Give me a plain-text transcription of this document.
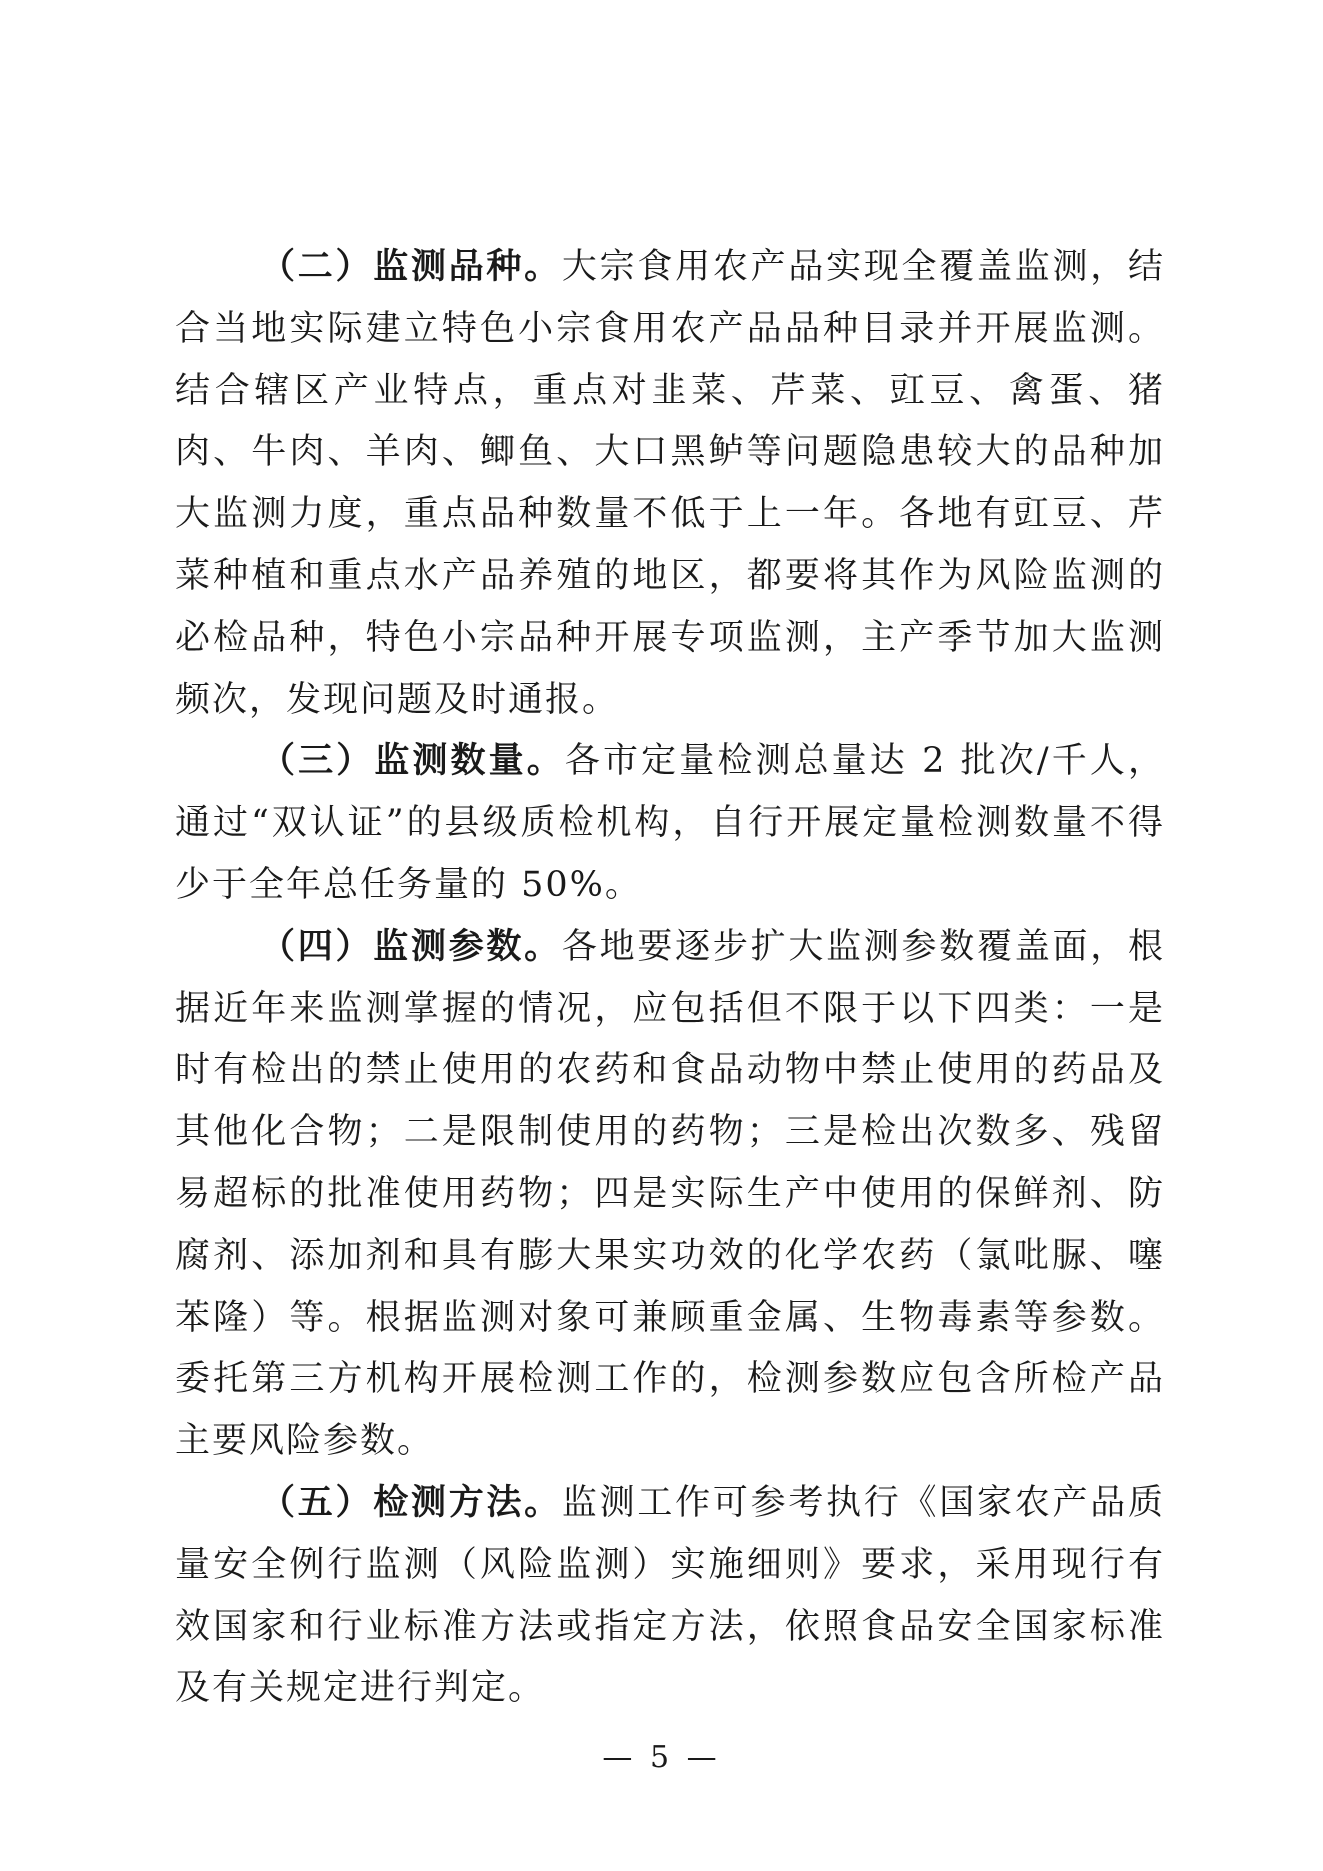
（二）监测品种。大宗食用农产品实现全覆盖监测，结合当地实际建立特色小宗食用农产品品种目录并开展监测。结合辖区产业特点，重点对韭菜、芹菜、豇豆、禽蛋、猪肉、牛肉、羊肉、鲫鱼、大口黑鲈等问题隐患较大的品种加大监测力度，重点品种数量不低于上一年。各地有豇豆、芹菜种植和重点水产品养殖的地区，都要将其作为风险监测的必检品种，特色小宗品种开展专项监测，主产季节加大监测频次，发现问题及时通报。

（三）监测数量。各市定量检测总量达 2 批次/千人，通过“双认证”的县级质检机构，自行开展定量检测数量不得少于全年总任务量的 50%。

（四）监测参数。各地要逐步扩大监测参数覆盖面，根据近年来监测掌握的情况，应包括但不限于以下四类：一是时有检出的禁止使用的农药和食品动物中禁止使用的药品及其他化合物；二是限制使用的药物；三是检出次数多、残留易超标的批准使用药物；四是实际生产中使用的保鲜剂、防腐剂、添加剂和具有膨大果实功效的化学农药（氯吡脲、噻苯隆）等。根据监测对象可兼顾重金属、生物毒素等参数。委托第三方机构开展检测工作的，检测参数应包含所检产品主要风险参数。

（五）检测方法。监测工作可参考执行《国家农产品质量安全例行监测（风险监测）实施细则》要求，采用现行有效国家和行业标准方法或指定方法，依照食品安全国家标准及有关规定进行判定。

— 5 —
